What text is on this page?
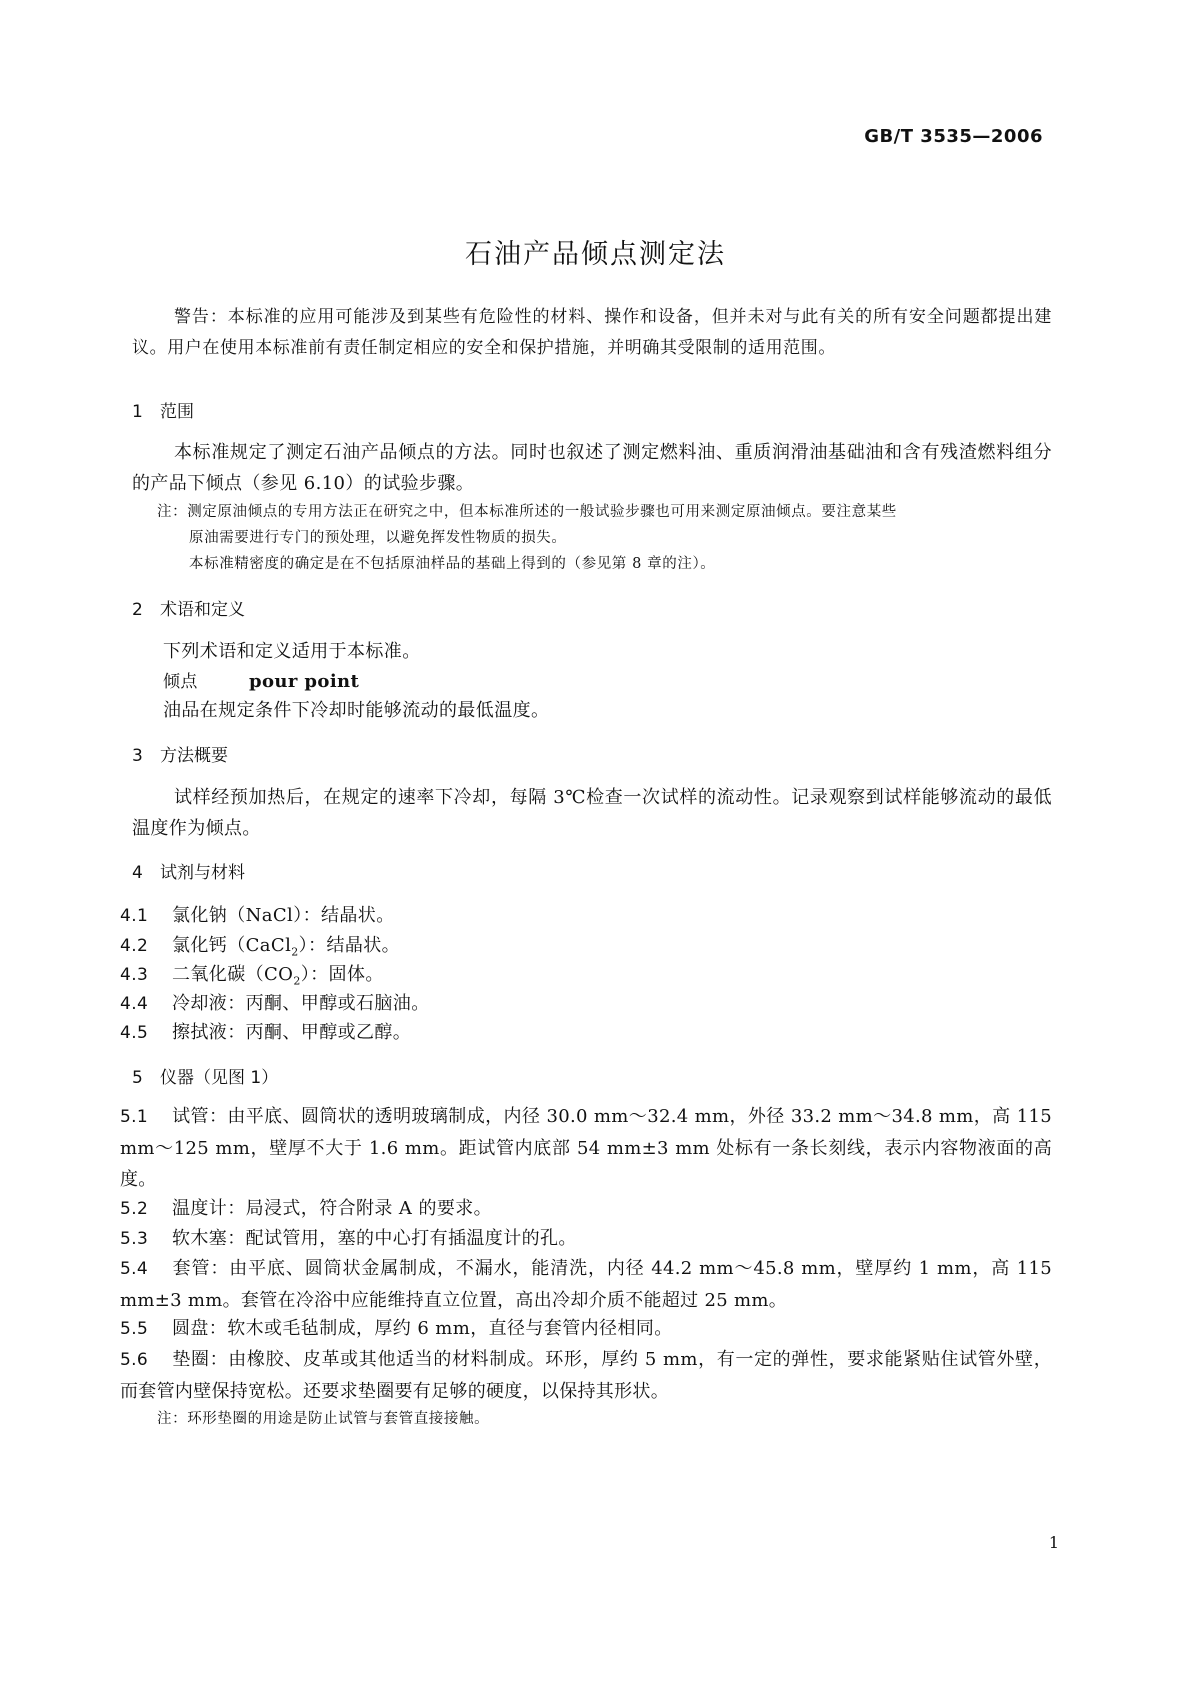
GB/T 3535—2006
石油产品倾点测定法
警告：本标准的应用可能涉及到某些有危险性的材料、操作和设备，但并未对与此有关的所有安全问题都提出建议。用户在使用本标准前有责任制定相应的安全和保护措施，并明确其受限制的适用范围。
1 范围
本标准规定了测定石油产品倾点的方法。同时也叙述了测定燃料油、重质润滑油基础油和含有残渣燃料组分的产品下倾点（参见 6.10）的试验步骤。
注：测定原油倾点的专用方法正在研究之中，但本标准所述的一般试验步骤也可用来测定原油倾点。要注意某些
原油需要进行专门的预处理，以避免挥发性物质的损失。
本标准精密度的确定是在不包括原油样品的基础上得到的（参见第 8 章的注）。
2 术语和定义
下列术语和定义适用于本标准。
倾点	pour point
油品在规定条件下冷却时能够流动的最低温度。
3 方法概要
试样经预加热后，在规定的速率下冷却，每隔 3℃检查一次试样的流动性。记录观察到试样能够流动的最低温度作为倾点。
4 试剂与材料
4.1 氯化钠（NaCl）：结晶状。
4.2 氯化钙（CaCl$_2$）：结晶状。
4.3 二氧化碳$(CO_2)$：固体。
4.4 冷却液：丙酮、甲醇或石脑油。
4.5 擦拭液：丙酮、甲醇或乙醇。
5 仪器（见图 1）
5.1 试管：由平底、圆筒状的透明玻璃制成，内径 30.0 mm～32.4 mm，外径 33.2 mm～34.8 mm，高 115 mm～125 mm，壁厚不大于 1.6 mm。距试管内底部 54 mm±3 mm 处标有一条长刻线，表示内容物液面的高度。
5.2 温度计：局浸式，符合附录 A 的要求。
5.3 软木塞：配试管用，塞的中心打有插温度计的孔。
5.4 套管：由平底、圆筒状金属制成，不漏水，能清洗，内径 44.2 mm～45.8 mm，壁厚约 1 mm，高 115 mm±3 mm。套管在冷浴中应能维持直立位置，高出冷却介质不能超过 25 mm。
5.5 圆盘：软木或毛毡制成，厚约 6 mm，直径与套管内径相同。
5.6 垫圈：由橡胶、皮革或其他适当的材料制成。环形，厚约 5 mm，有一定的弹性，要求能紧贴住试管外壁，而套管内壁保持宽松。还要求垫圈要有足够的硬度，以保持其形状。
注：环形垫圈的用途是防止试管与套管直接接触。
1
